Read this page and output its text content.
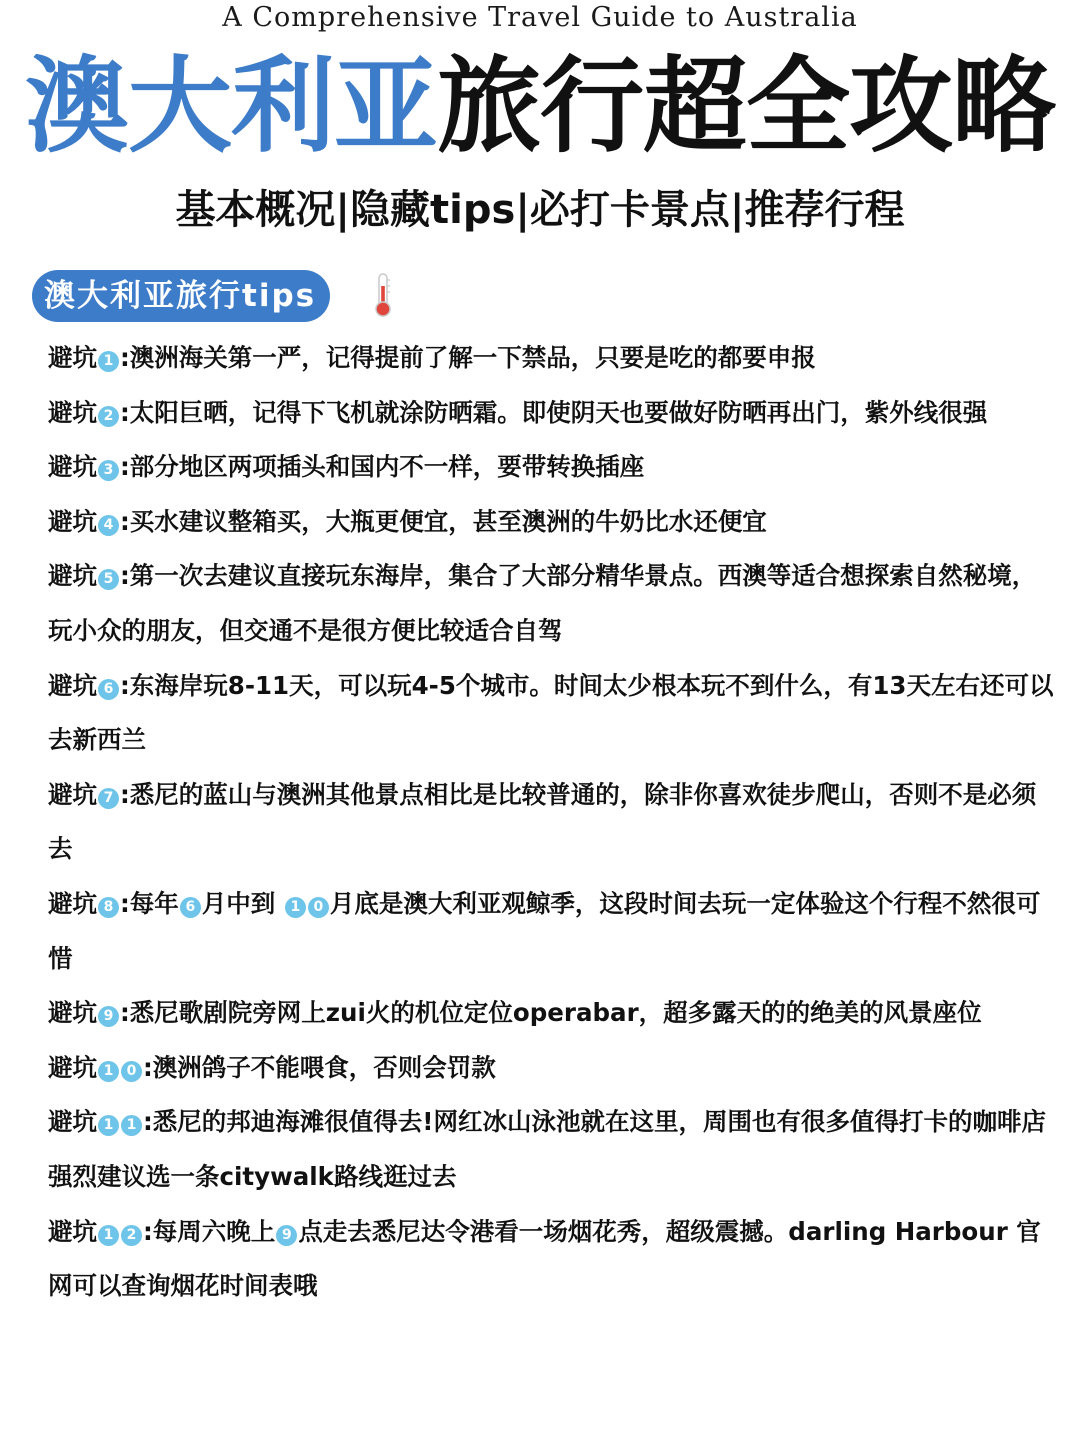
A Comprehensive Travel Guide to Australia
澳大利亚旅行超全攻略
基本概况|隐藏tips|必打卡景点|推荐行程
澳大利亚旅行tips
避坑 1 :澳洲海关第一严，记得提前了解一下禁品，只要是吃的都要申报
避坑 2 :太阳巨晒，记得下飞机就涂防晒霜。即使阴天也要做好防晒再出门，紫外线很强
避坑 3 :部分地区两项插头和国内不一样，要带转换插座
避坑 4 :买水建议整箱买，大瓶更便宜，甚至澳洲的牛奶比水还便宜
避坑 5 :第一次去建议直接玩东海岸，集合了大部分精华景点。西澳等适合想探索自然秘境，玩小众的朋友，但交通不是很方便比较适合自驾
避坑 6 :东海岸玩8-11天，可以玩4-5个城市。时间太少根本玩不到什么，有13天左右还可以去新西兰
避坑 7 :悉尼的蓝山与澳洲其他景点相比是比较普通的，除非你喜欢徒步爬山，否则不是必须去
避坑 8 :每年 6 月中到 1 0 月底是澳大利亚观鲸季，这段时间去玩一定体验这个行程不然很可惜
避坑 9 :悉尼歌剧院旁网上zui火的机位定位operabar，超多露天的的绝美的风景座位
避坑 1 0 :澳洲鸽子不能喂食，否则会罚款
避坑 1 1 :悉尼的邦迪海滩很值得去!网红冰山泳池就在这里，周围也有很多值得打卡的咖啡店强烈建议选一条citywalk路线逛过去
避坑 1 2 :每周六晚上 9 点走去悉尼达令港看一场烟花秀，超级震撼。darling Harbour 官网可以查询烟花时间表哦
